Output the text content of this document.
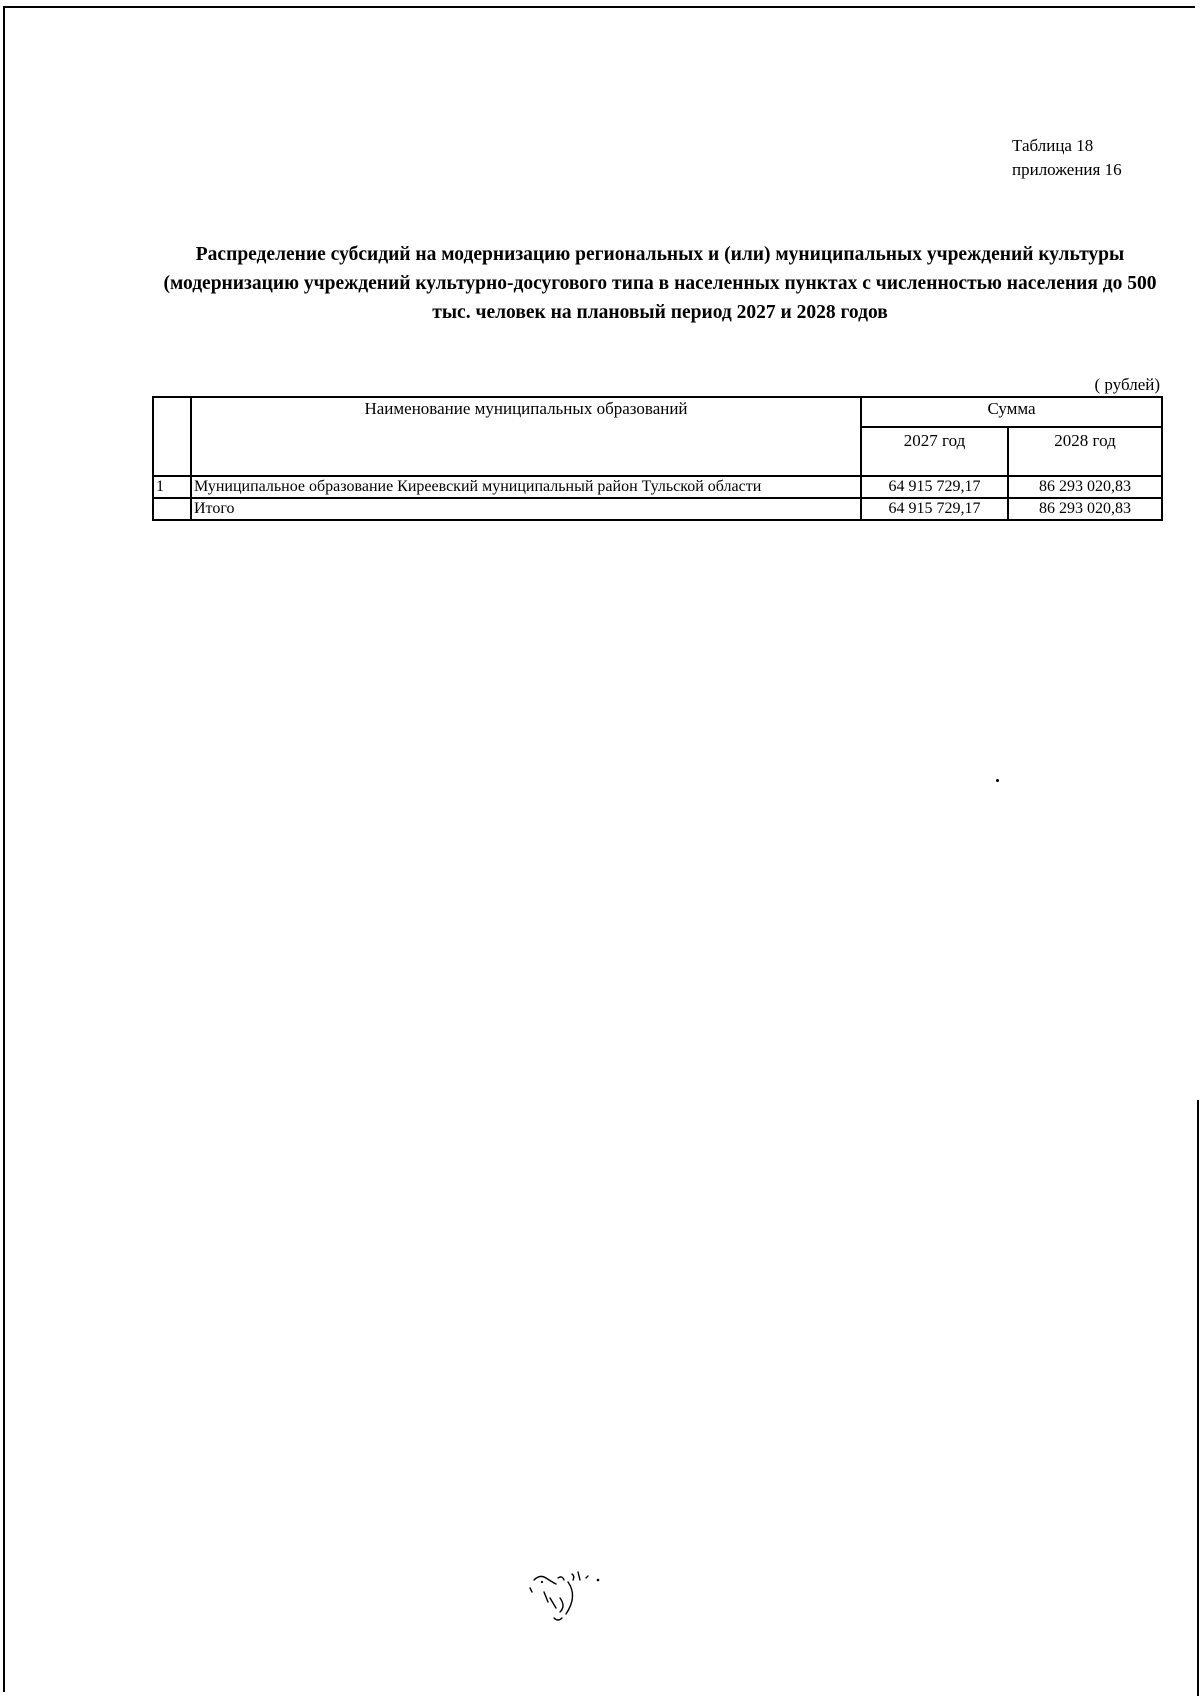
Таблица 18
приложения 16
Распределение субсидий на модернизацию региональных и (или) муниципальных учреждений культуры (модернизацию учреждений культурно-досугового типа в населенных пунктах с численностью населения до 500 тыс. человек на плановый период 2027 и 2028 годов
( рублей)
	Наименование муниципальных образований	Сумма	
		2027 год	2028 год
1	Муниципальное образование Киреевский муниципальный район Тульской области	64 915 729,17	86 293 020,83
	Итого	64 915 729,17	86 293 020,83
